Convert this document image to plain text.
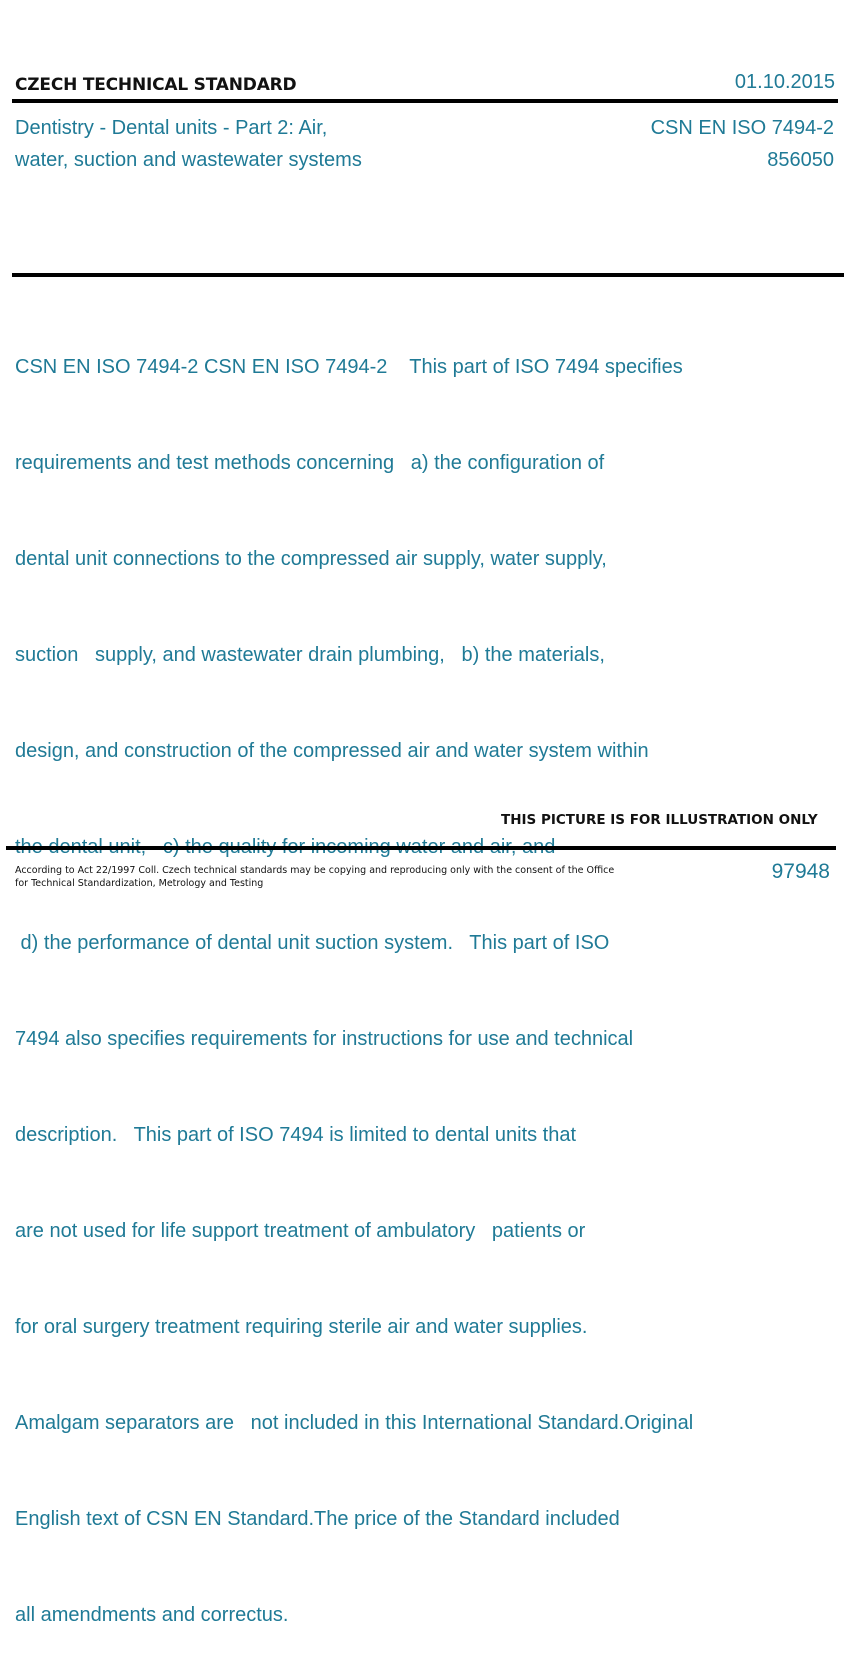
CZECH TECHNICAL STANDARD	01.10.2015
Dentistry - Dental units - Part 2: Air,
water, suction and wastewater systems
CSN EN ISO 7494-2
856050

CSN EN ISO 7494-2 CSN EN ISO 7494-2    This part of ISO 7494 specifies

requirements and test methods concerning   a) the configuration of

dental unit connections to the compressed air supply, water supply,

suction   supply, and wastewater drain plumbing,   b) the materials,

design, and construction of the compressed air and water system within

d) the performance of dental unit suction system.   This part of ISO

7494 also specifies requirements for instructions for use and technical

description.   This part of ISO 7494 is limited to dental units that

are not used for life support treatment of ambulatory   patients or

for oral surgery treatment requiring sterile air and water supplies.

Amalgam separators are   not included in this International Standard.Original

English text of CSN EN Standard.The price of the Standard included

all amendments and correctus.

THIS PICTURE IS FOR ILLUSTRATION ONLY
According to Act 22/1997 Coll. Czech technical standards may be copying and reproducing only with the consent of the Office
for Technical Standardization, Metrology and Testing
97948
